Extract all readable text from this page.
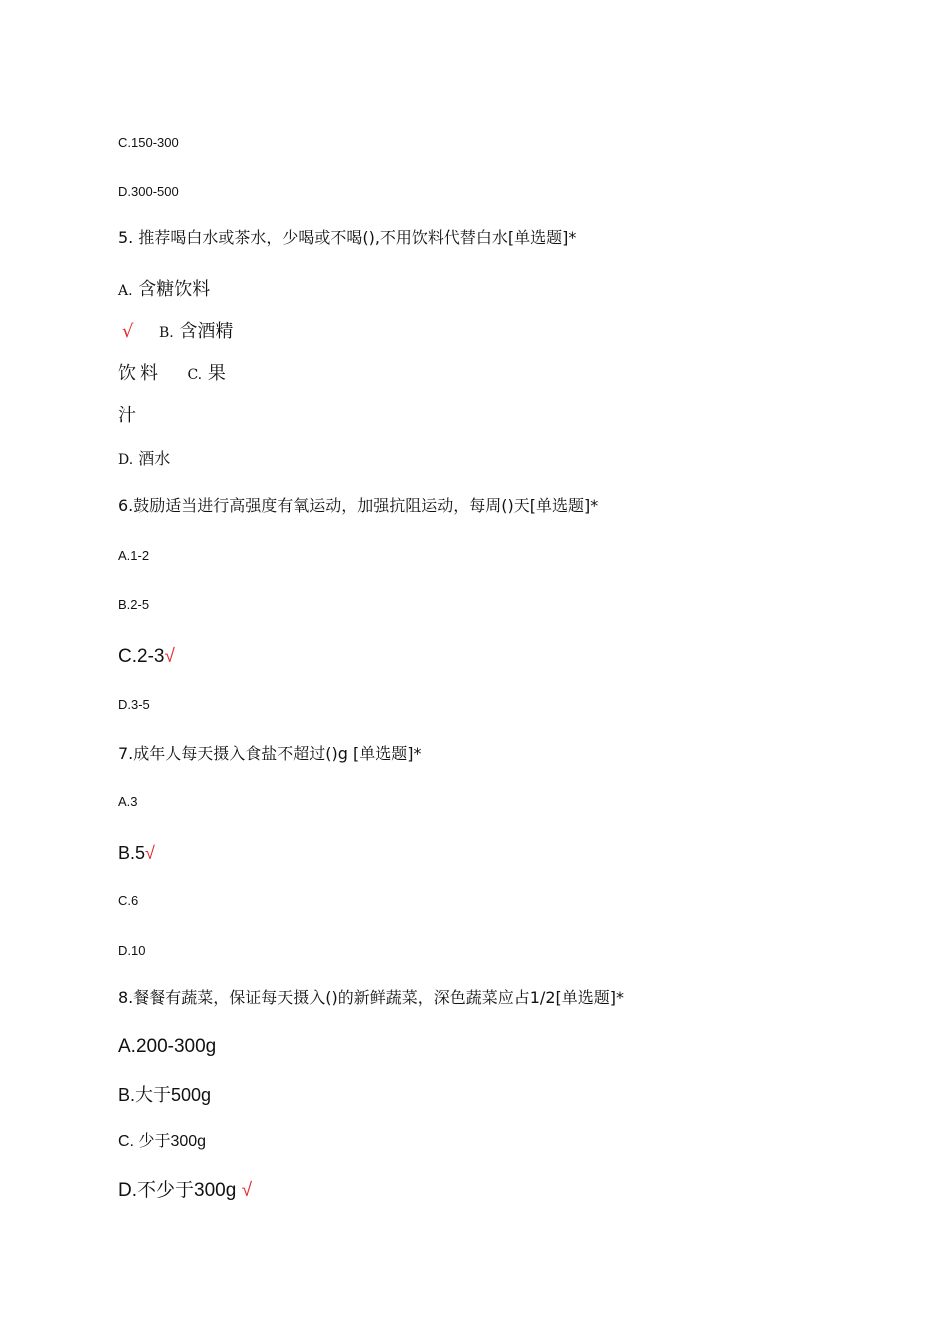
C.150-300
D.300-500
5. 推荐喝白水或茶水，少喝或不喝(),不用饮料代替白水[单选题]*
A. 含糖饮料
√ B. 含酒精
饮料 C. 果
汁
D. 酒水
6.鼓励适当进行高强度有氧运动，加强抗阻运动，每周()天[单选题]*
A.1-2
B.2-5
C.2-3√
D.3-5
7.成年人每天摄入食盐不超过()g [单选题]*
A.3
B.5√
C.6
D.10
8.餐餐有蔬菜，保证每天摄入()的新鲜蔬菜，深色蔬菜应占1/2[单选题]*
A.200-300g
B.大于500g
C. 少于300g
D.不少于300g √
